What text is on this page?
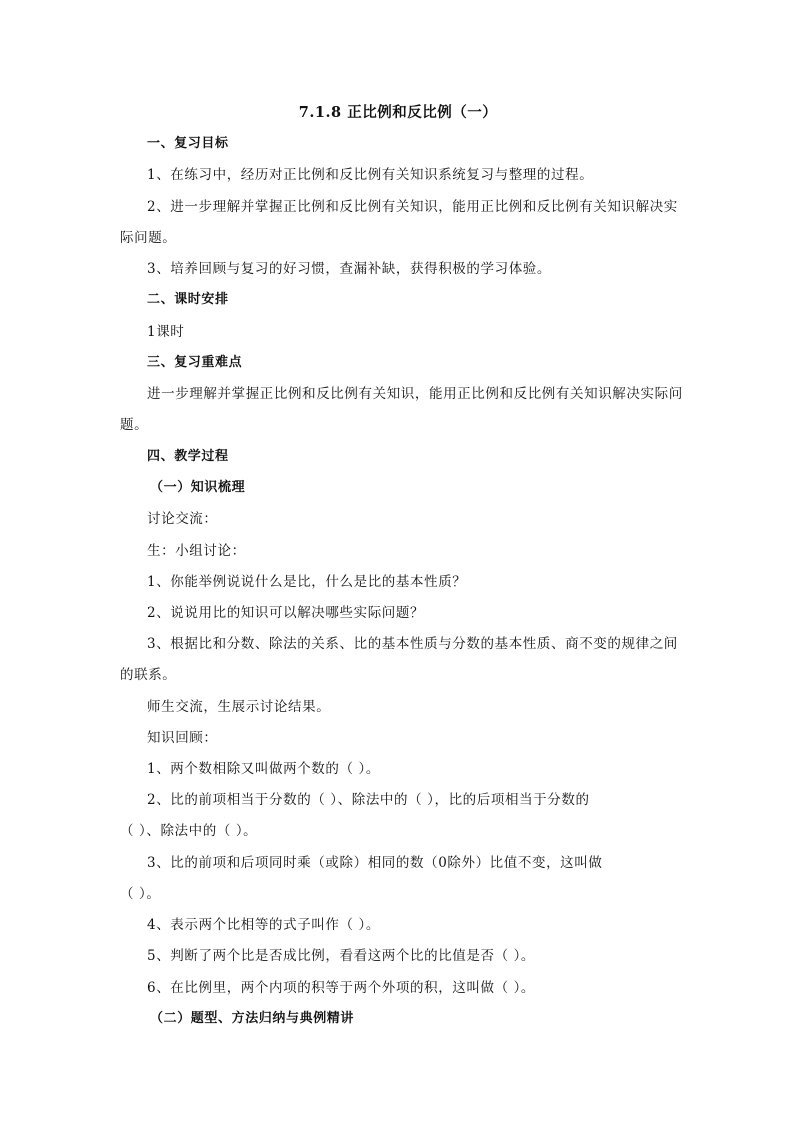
7.1.8 正比例和反比例（一）
一、复习目标
1、在练习中，经历对正比例和反比例有关知识系统复习与整理的过程。
2、进一步理解并掌握正比例和反比例有关知识，能用正比例和反比例有关知识解决实
际问题。
3、培养回顾与复习的好习惯，查漏补缺，获得积极的学习体验。
二、课时安排
1课时
三、复习重难点
进一步理解并掌握正比例和反比例有关知识，能用正比例和反比例有关知识解决实际问
题。
四、教学过程
（一）知识梳理
讨论交流：
生：小组讨论：
1、你能举例说说什么是比，什么是比的基本性质？
2、说说用比的知识可以解决哪些实际问题？
3、根据比和分数、除法的关系、比的基本性质与分数的基本性质、商不变的规律之间
的联系。
师生交流，生展示讨论结果。
知识回顾：
1、两个数相除又叫做两个数的（ ）。
2、比的前项相当于分数的（ ）、除法中的（ ），比的后项相当于分数的
（ ）、除法中的（ ）。
3、比的前项和后项同时乘（或除）相同的数（0除外）比值不变，这叫做
（ ）。
4、表示两个比相等的式子叫作（ ）。
5、判断了两个比是否成比例，看看这两个比的比值是否（ ）。
6、在比例里，两个内项的积等于两个外项的积，这叫做（ ）。
（二）题型、方法归纳与典例精讲
